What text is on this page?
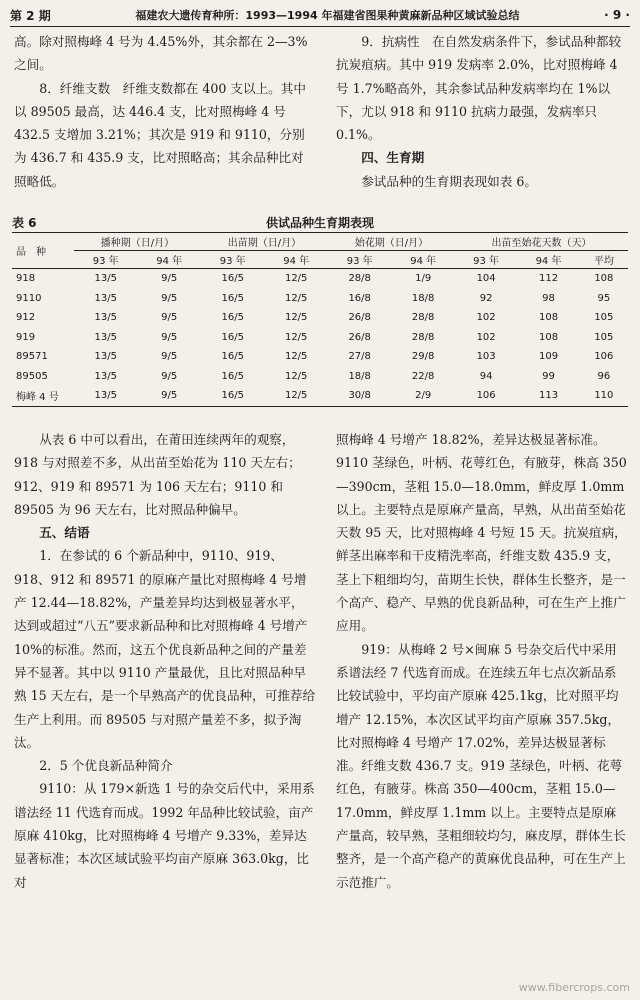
第 2 期	福建农大遗传育种所：1993—1994 年福建省图果种黄麻新品种区域试验总结	· 9 ·

高。除对照梅峰 4 号为 4.45%外，其余都在 2—3%之间。

8．纤维支数　纤维支数都在 400 支以上。其中以 89505 最高，达 446.4 支，比对照梅峰 4 号 432.5 支增加 3.21%；其次是 919 和 9110，分别为 436.7 和 435.9 支，比对照略高；其余品种比对照略低。

9．抗病性　在自然发病条件下，参试品种都较抗炭疽病。其中 919 发病率 2.0%，比对照梅峰 4 号 1.7%略高外，其余参试品种发病率均在 1%以下，尤以 918 和 9110 抗病力最强，发病率只 0.1%。

四、生育期

参试品种的生育期表现如表 6。

表 6	供试品种生育期表现
品　种	播种期（日/月）		出苗期（日/月）		始花期（日/月）		出苗至始花天数（天）		
	93 年	94 年	93 年	94 年	93 年	94 年	93 年	94 年	平均
918	13/5	9/5	16/5	12/5	28/8	1/9	104	112	108
9110	13/5	9/5	16/5	12/5	16/8	18/8	92	98	95
912	13/5	9/5	16/5	12/5	26/8	28/8	102	108	105
919	13/5	9/5	16/5	12/5	26/8	28/8	102	108	105
89571	13/5	9/5	16/5	12/5	27/8	29/8	103	109	106
89505	13/5	9/5	16/5	12/5	18/8	22/8	94	99	96
梅峰 4 号	13/5	9/5	16/5	12/5	30/8	2/9	106	113	110

从表 6 中可以看出，在莆田连续两年的观察，918 与对照差不多，从出苗至始花为 110 天左右；912、919 和 89571 为 106 天左右；9110 和 89505 为 96 天左右，比对照品种偏早。

五、结语

1．在参试的 6 个新品种中，9110、919、918、912 和 89571 的原麻产量比对照梅峰 4 号增产 12.44—18.82%，产量差异均达到极显著水平，达到或超过“八五”要求新品种和比对照梅峰 4 号增产 10%的标准。然而，这五个优良新品种之间的产量差异不显著。其中以 9110 产量最优，且比对照品种早熟 15 天左右，是一个早熟高产的优良品种，可推荐给生产上利用。而 89505 与对照产量差不多，拟予淘汰。

2．5 个优良新品种简介

9110：从 179×新选 1 号的杂交后代中，采用系谱法经 11 代选育而成。1992 年品种比较试验，亩产原麻 410kg，比对照梅峰 4 号增产 9.33%，差异达显著标准；本次区域试验平均亩产原麻 363.0kg，比对

照梅峰 4 号增产 18.82%，差异达极显著标准。9110 茎绿色，叶柄、花萼红色，有腋芽，株高 350—390cm，茎粗 15.0—18.0mm，鲜皮厚 1.0mm 以上。主要特点是原麻产量高，早熟，从出苗至始花天数 95 天，比对照梅峰 4 号短 15 天。抗炭疽病，鲜茎出麻率和干皮精洗率高，纤维支数 435.9 支，茎上下粗细均匀，苗期生长快，群体生长整齐，是一个高产、稳产、早熟的优良新品种，可在生产上推广应用。

919：从梅峰 2 号×闽麻 5 号杂交后代中采用系谱法经 7 代选育而成。在连续五年七点次新品系比较试验中，平均亩产原麻 425.1kg，比对照平均增产 12.15%，本次区试平均亩产原麻 357.5kg，比对照梅峰 4 号增产 17.02%，差异达极显著标准。纤维支数 436.7 支。919 茎绿色，叶柄、花萼红色，有腋芽。株高 350—400cm，茎粗 15.0—17.0mm，鲜皮厚 1.1mm 以上。主要特点是原麻产量高，较早熟，茎粗细较均匀，麻皮厚，群体生长整齐，是一个高产稳产的黄麻优良品种，可在生产上示范推广。

www.fibercrops.com
